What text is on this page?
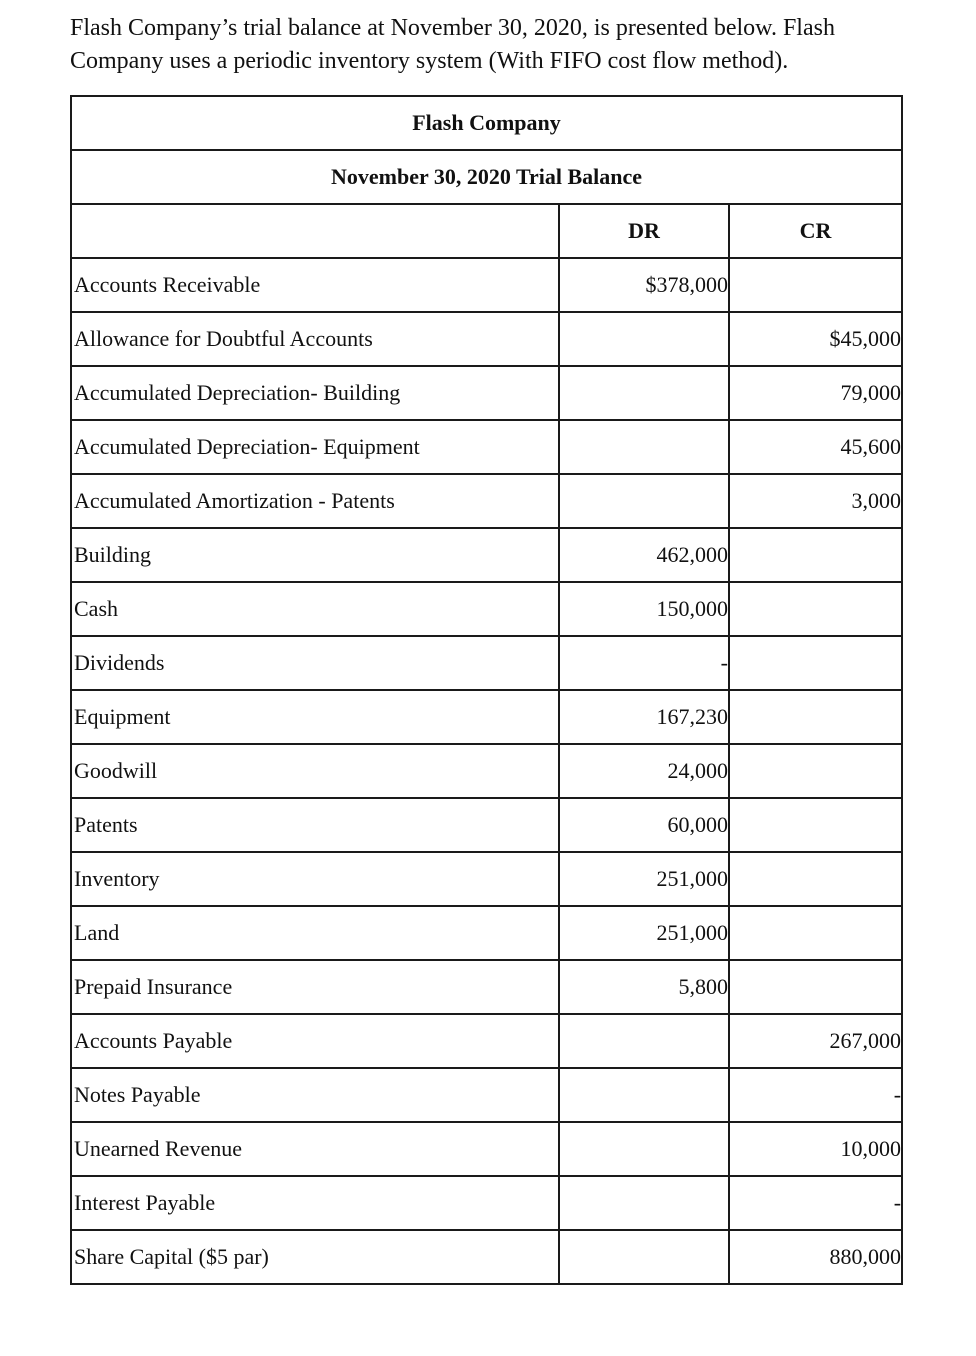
Flash Company’s trial balance at November 30, 2020, is presented below. Flash Company uses a periodic inventory system (With FIFO cost flow method).

Flash Company		
November 30, 2020 Trial Balance		
	DR	CR
Accounts Receivable	$378,000	
Allowance for Doubtful Accounts		$45,000
Accumulated Depreciation- Building		79,000
Accumulated Depreciation- Equipment		45,600
Accumulated Amortization - Patents		3,000
Building	462,000	
Cash	150,000	
Dividends	-	
Equipment	167,230	
Goodwill	24,000	
Patents	60,000	
Inventory	251,000	
Land	251,000	
Prepaid Insurance	5,800	
Accounts Payable		267,000
Notes Payable		-
Unearned Revenue		10,000
Interest Payable		-
Share Capital ($5 par)		880,000
